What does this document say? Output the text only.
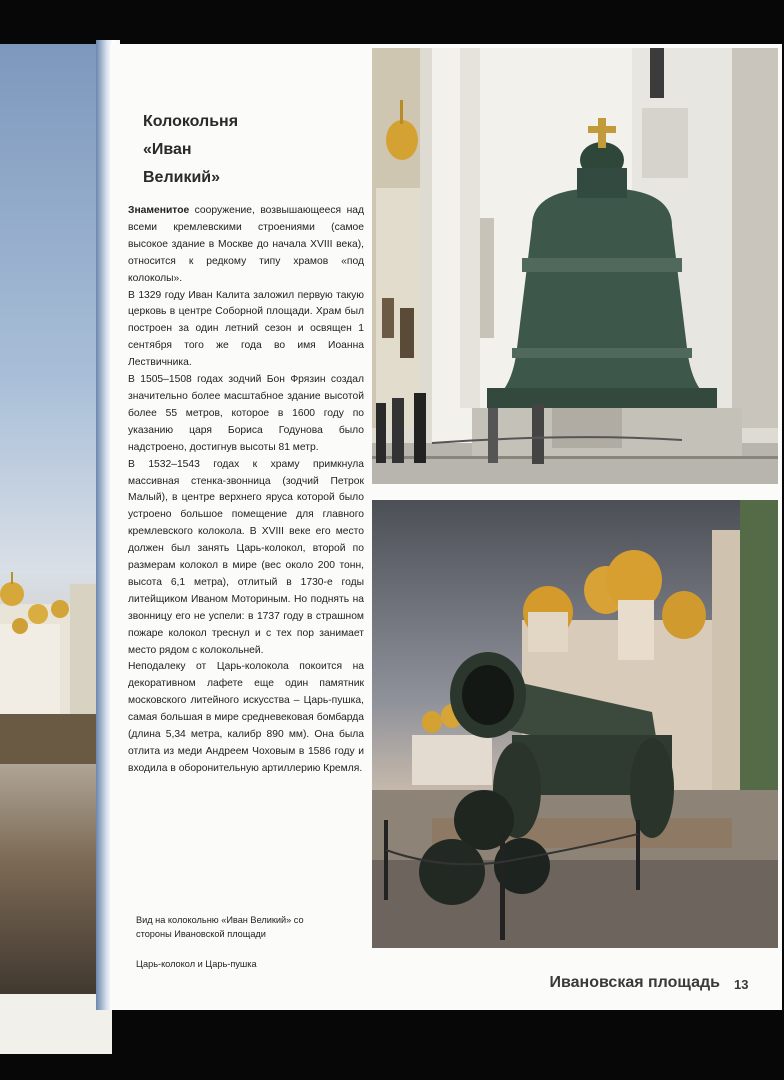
Колокольня
«Иван
Великий»

Знаменитое сооружение, возвышающееся над всеми кремлевскими строениями (самое высокое здание в Москве до начала XVIII века), относится к редкому типу храмов «под колоколы».

В 1329 году Иван Калита заложил первую такую церковь в центре Соборной площади. Храм был построен за один летний сезон и освящен 1 сентября того же года во имя Иоанна Лествичника.

В 1505–1508 годах зодчий Бон Фрязин создал значительно более масштабное здание высотой более 55 метров, которое в 1600 году по указанию царя Бориса Годунова было надстроено, достигнув высоты 81 метр.

В 1532–1543 годах к храму примкнула массивная стенка-звонница (зодчий Петрок Малый), в центре верхнего яруса которой было устроено большое помещение для главного кремлевского колокола. В XVIII веке его место должен был занять Царь-колокол, второй по размерам колокол в мире (вес около 200 тонн, высота 6,1 метра), отлитый в 1730-е годы литейщиком Иваном Моториным. Но поднять на звонницу его не успели: в 1737 году в страшном пожаре колокол треснул и с тех пор занимает место рядом с колокольней.

Неподалеку от Царь-колокола покоится на декоративном лафете еще один памятник московского литейного искусства – Царь-пушка, самая большая в мире средневековая бомбарда (длина 5,34 метра, калибр 890 мм). Она была отлита из меди Андреем Чоховым в 1586 году и входила в оборонительную артиллерию Кремля.

Вид на колокольню «Иван Великий» со стороны Ивановской площади
Царь-колокол и Царь-пушка
Ивановская площадь 13
